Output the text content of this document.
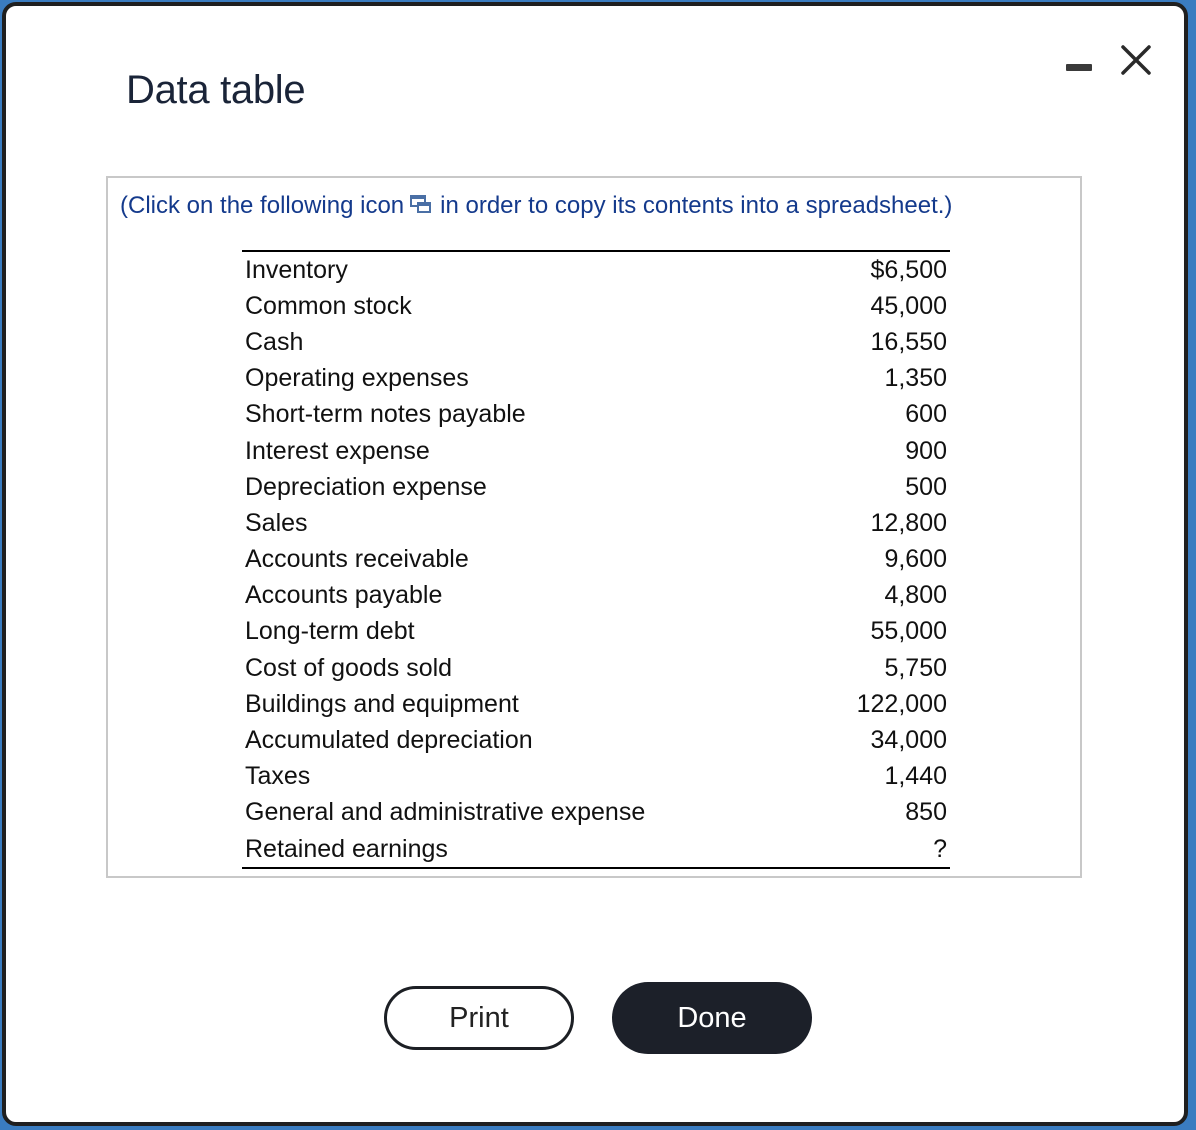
Data table
(Click on the following icon in order to copy its contents into a spreadsheet.)
Inventory	$6,500
Common stock	45,000
Cash	16,550
Operating expenses	1,350
Short-term notes payable	600
Interest expense	900
Depreciation expense	500
Sales	12,800
Accounts receivable	9,600
Accounts payable	4,800
Long-term debt	55,000
Cost of goods sold	5,750
Buildings and equipment	122,000
Accumulated depreciation	34,000
Taxes	1,440
General and administrative expense	850
Retained earnings	?
Print	Done
